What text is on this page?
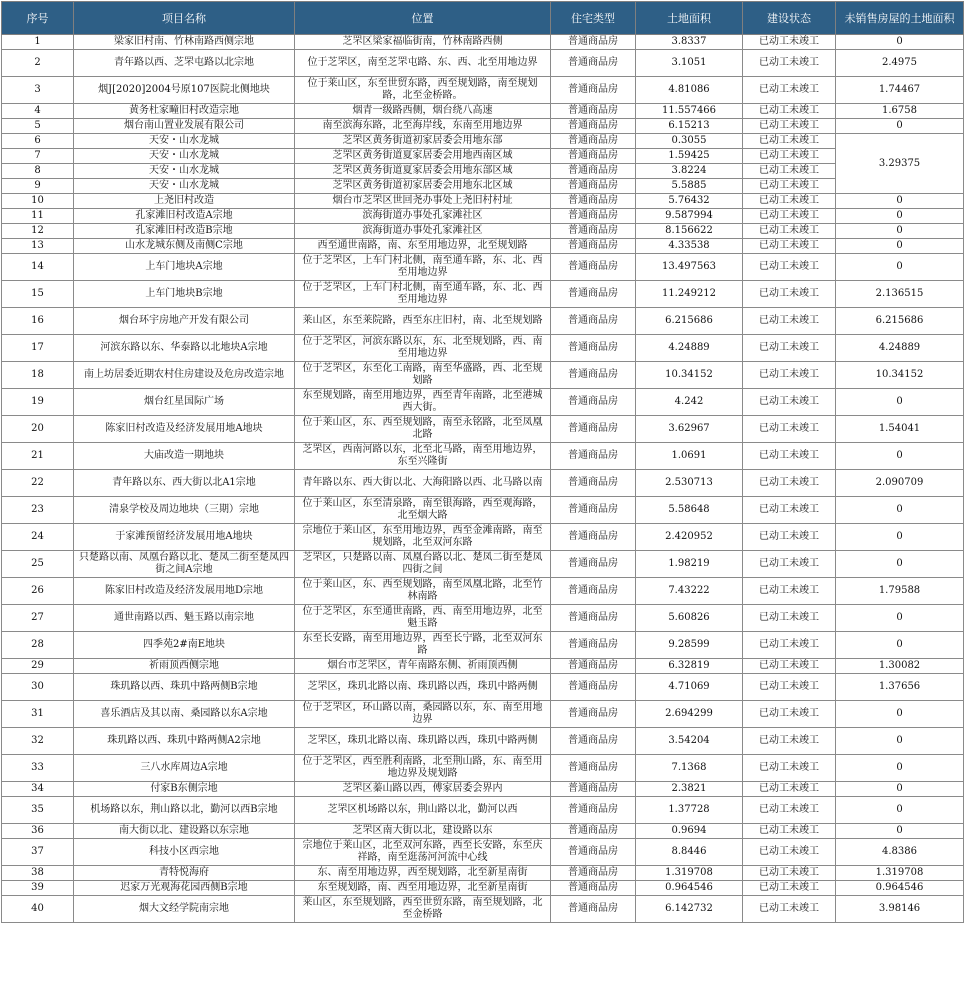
序号	项目名称	位置	住宅类型	土地面积	建设状态	未销售房屋的土地面积
1	梁家旧村南、竹林南路西侧宗地	芝罘区梁家福临街南，竹林南路西侧	普通商品房	3.8337	已动工未竣工	0
2	青年路以西、芝罘屯路以北宗地	位于芝罘区，南至芝罘屯路、东、西、北至用地边界	普通商品房	3.1051	已动工未竣工	2.4975
3	烟J[2020]2004号原107医院北侧地块	位于莱山区，东至世贸东路，西至规划路，南至规划路，北至金桥路。	普通商品房	4.81086	已动工未竣工	1.74467
4	黄务杜家疃旧村改造宗地	烟青一级路西侧，烟台绕八高速	普通商品房	11.557466	已动工未竣工	1.6758
5	烟台南山置业发展有限公司	南至滨海东路，北至海岸线，东南至用地边界	普通商品房	6.15213	已动工未竣工	0
6	天安・山水龙城	芝罘区黄务街道初家居委会用地东部	普通商品房	0.3055	已动工未竣工	3.29375
7	天安・山水龙城	芝罘区黄务街道夏家居委会用地西南区域	普通商品房	1.59425	已动工未竣工	
8	天安・山水龙城	芝罘区黄务街道夏家居委会用地东部区域	普通商品房	3.8224	已动工未竣工	
9	天安・山水龙城	芝罘区黄务街道初家居委会用地东北区域	普通商品房	5.5885	已动工未竣工	
10	上尧旧村改造	烟台市芝罘区世回尧办事处上尧旧村村址	普通商品房	5.76432	已动工未竣工	0
11	孔家滩旧村改造A宗地	滨海街道办事处孔家滩社区	普通商品房	9.587994	已动工未竣工	0
12	孔家滩旧村改造B宗地	滨海街道办事处孔家滩社区	普通商品房	8.156622	已动工未竣工	0
13	山水龙城东侧及南侧C宗地	西至通世南路，南、东至用地边界，北至规划路	普通商品房	4.33538	已动工未竣工	0
14	上车门地块A宗地	位于芝罘区，上车门村北侧，南至通车路，东、北、西至用地边界	普通商品房	13.497563	已动工未竣工	0
15	上车门地块B宗地	位于芝罘区，上车门村北侧，南至通车路，东、北、西至用地边界	普通商品房	11.249212	已动工未竣工	2.136515
16	烟台环宇房地产开发有限公司	莱山区，东至莱院路，西至东庄旧村，南、北至规划路	普通商品房	6.215686	已动工未竣工	6.215686
17	河滨东路以东、华泰路以北地块A宗地	位于芝罘区，河滨东路以东，东、北至规划路，西、南至用地边界	普通商品房	4.24889	已动工未竣工	4.24889
18	南上坊居委近期农村住房建设及危房改造宗地	位于芝罘区，东至化工南路，南至华盛路，西、北至规划路	普通商品房	10.34152	已动工未竣工	10.34152
19	烟台红星国际广场	东至规划路，南至用地边界，西至青年南路，北至港城西大街。	普通商品房	4.242	已动工未竣工	0
20	陈家旧村改造及经济发展用地A地块	位于莱山区，东、西至规划路，南至永铭路，北至凤凰北路	普通商品房	3.62967	已动工未竣工	1.54041
21	大庙改造一期地块	芝罘区，西南河路以东，北至北马路，南至用地边界，东至兴隆街	普通商品房	1.0691	已动工未竣工	0
22	青年路以东、西大街以北A1宗地	青年路以东、西大街以北、大海阳路以西、北马路以南	普通商品房	2.530713	已动工未竣工	2.090709
23	清泉学校及周边地块（三期）宗地	位于莱山区，东至清泉路，南至银海路，西至观海路，北至烟大路	普通商品房	5.58648	已动工未竣工	0
24	于家滩预留经济发展用地A地块	宗地位于莱山区，东至用地边界，西至金滩南路，南至规划路，北至双河东路	普通商品房	2.420952	已动工未竣工	0
25	只楚路以南、凤凰台路以北、楚凤二街至楚凤四街之间A宗地	芝罘区，只楚路以南、凤凰台路以北、楚凤二街至楚凤四街之间	普通商品房	1.98219	已动工未竣工	0
26	陈家旧村改造及经济发展用地D宗地	位于莱山区，东、西至规划路，南至凤凰北路，北至竹林南路	普通商品房	7.43222	已动工未竣工	1.79588
27	通世南路以西、魁玉路以南宗地	位于芝罘区，东至通世南路，西、南至用地边界，北至魁玉路	普通商品房	5.60826	已动工未竣工	0
28	四季苑2#南E地块	东至长安路，南至用地边界，西至长宁路，北至双河东路	普通商品房	9.28599	已动工未竣工	0
29	祈雨顶西侧宗地	烟台市芝罘区，青年南路东侧、祈雨顶西侧	普通商品房	6.32819	已动工未竣工	1.30082
30	珠玑路以西、珠玑中路两侧B宗地	芝罘区，珠玑北路以南、珠玑路以西，珠玑中路两侧	普通商品房	4.71069	已动工未竣工	1.37656
31	喜乐酒店及其以南、桑园路以东A宗地	位于芝罘区，环山路以南，桑园路以东，东、南至用地边界	普通商品房	2.694299	已动工未竣工	0
32	珠玑路以西、珠玑中路两侧A2宗地	芝罘区，珠玑北路以南、珠玑路以西，珠玑中路两侧	普通商品房	3.54204	已动工未竣工	0
33	三八水库周边A宗地	位于芝罘区，西至胜利南路，北至荆山路，东、南至用地边界及规划路	普通商品房	7.1368	已动工未竣工	0
34	付家B东侧宗地	芝罘区蓁山路以西，傅家居委会界内	普通商品房	2.3821	已动工未竣工	0
35	机场路以东，荆山路以北，勤河以西B宗地	芝罘区机场路以东，荆山路以北，勤河以西	普通商品房	1.37728	已动工未竣工	0
36	南大街以北、建设路以东宗地	芝罘区南大街以北，建设路以东	普通商品房	0.9694	已动工未竣工	0
37	科技小区西宗地	宗地位于莱山区，北至双河东路，西至长安路，东至庆祥路，南至逛荡河河流中心线	普通商品房	8.8446	已动工未竣工	4.8386
38	青特悦海府	东、南至用地边界，西至规划路，北至新星南街	普通商品房	1.319708	已动工未竣工	1.319708
39	迟家万光观海花园西侧B宗地	东至规划路，南、西至用地边界，北至新星南街	普通商品房	0.964546	已动工未竣工	0.964546
40	烟大文经学院南宗地	莱山区，东至规划路，西至世贸东路，南至规划路，北至金桥路	普通商品房	6.142732	已动工未竣工	3.98146
